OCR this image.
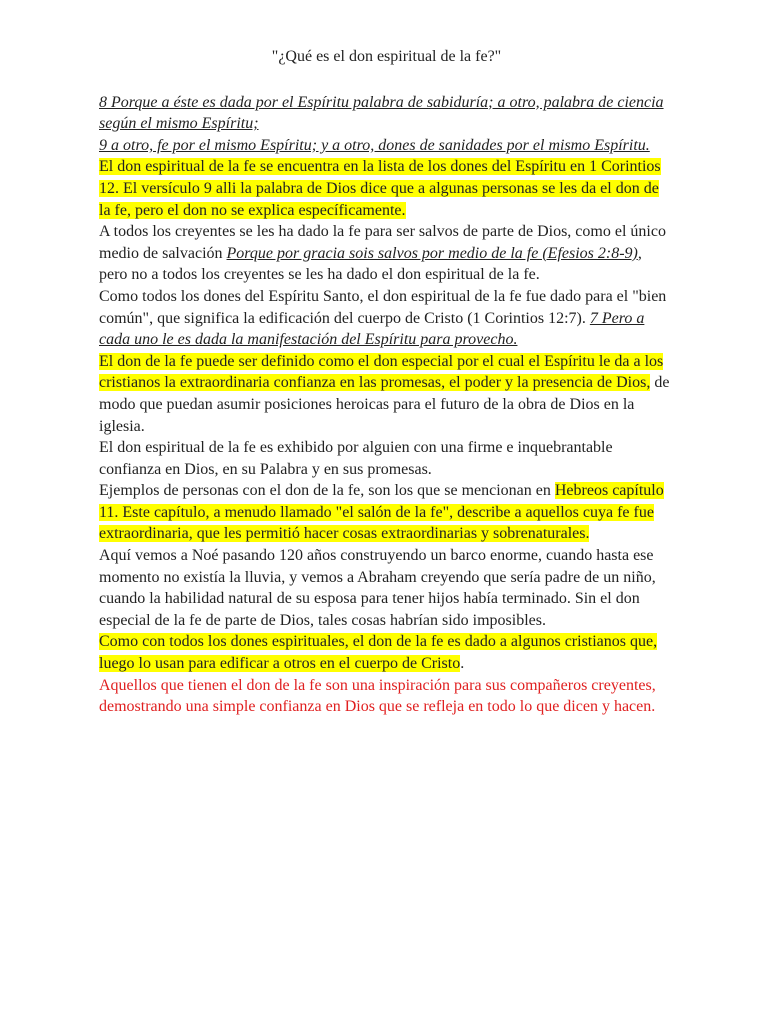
"¿Qué es el don espiritual de la fe?"

8 Porque a éste es dada por el Espíritu palabra de sabiduría; a otro, palabra de ciencia según el mismo Espíritu;
9 a otro, fe por el mismo Espíritu; y a otro, dones de sanidades por el mismo Espíritu.

El don espiritual de la fe se encuentra en la lista de los dones del Espíritu en 1 Corintios 12. El versículo 9 alli la palabra de Dios dice que a algunas personas se les da el don de la fe, pero el don no se explica específicamente.

A todos los creyentes se les ha dado la fe para ser salvos de parte de Dios, como el único medio de salvación Porque por gracia sois salvos por medio de la fe (Efesios 2:8-9), pero no a todos los creyentes se les ha dado el don espiritual de la fe.

Como todos los dones del Espíritu Santo, el don espiritual de la fe fue dado para el "bien común", que significa la edificación del cuerpo de Cristo (1 Corintios 12:7). 7 Pero a cada uno le es dada la manifestación del Espíritu para provecho.

El don de la fe puede ser definido como el don especial por el cual el Espíritu le da a los cristianos la extraordinaria confianza en las promesas, el poder y la presencia de Dios, de modo que puedan asumir posiciones heroicas para el futuro de la obra de Dios en la iglesia.

El don espiritual de la fe es exhibido por alguien con una firme e inquebrantable confianza en Dios, en su Palabra y en sus promesas.

Ejemplos de personas con el don de la fe, son los que se mencionan en Hebreos capítulo 11. Este capítulo, a menudo llamado "el salón de la fe", describe a aquellos cuya fe fue extraordinaria, que les permitió hacer cosas extraordinarias y sobrenaturales.

Aquí vemos a Noé pasando 120 años construyendo un barco enorme, cuando hasta ese momento no existía la lluvia, y vemos a Abraham creyendo que sería padre de un niño, cuando la habilidad natural de su esposa para tener hijos había terminado. Sin el don especial de la fe de parte de Dios, tales cosas habrían sido imposibles.

Como con todos los dones espirituales, el don de la fe es dado a algunos cristianos que, luego lo usan para edificar a otros en el cuerpo de Cristo.

Aquellos que tienen el don de la fe son una inspiración para sus compañeros creyentes, demostrando una simple confianza en Dios que se refleja en todo lo que dicen y hacen.
